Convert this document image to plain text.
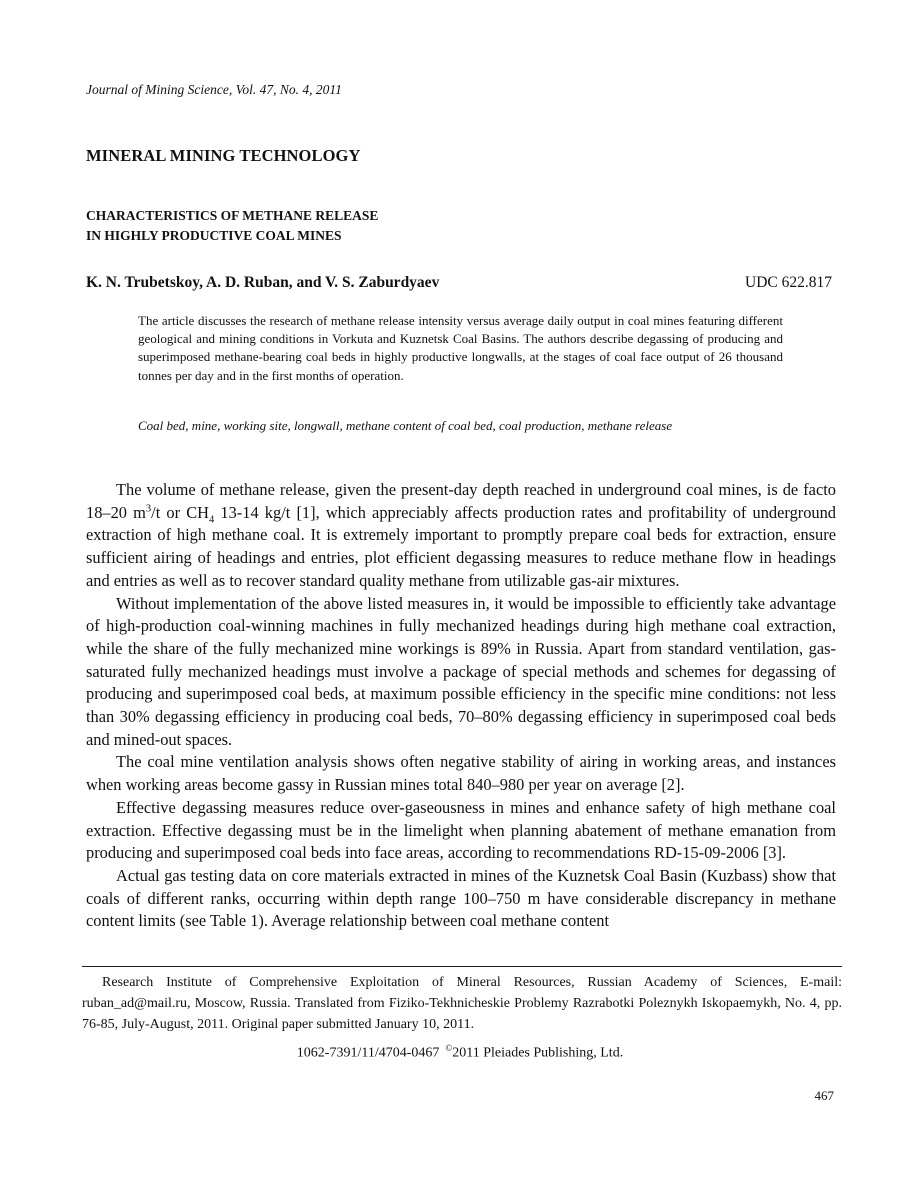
Journal of Mining Science, Vol. 47, No. 4, 2011
MINERAL MINING TECHNOLOGY
CHARACTERISTICS OF METHANE RELEASE
IN HIGHLY PRODUCTIVE COAL MINES
K. N. Trubetskoy, A. D. Ruban, and V. S. Zaburdyaev	UDC 622.817
The article discusses the research of methane release intensity versus average daily output in coal mines featuring different geological and mining conditions in Vorkuta and Kuznetsk Coal Basins. The authors describe degassing of producing and superimposed methane-bearing coal beds in highly productive longwalls, at the stages of coal face output of 26 thousand tonnes per day and in the first months of operation.
Coal bed, mine, working site, longwall, methane content of coal bed, coal production, methane release

The volume of methane release, given the present-day depth reached in underground coal mines, is de facto 18–20 $m^3/t$ or $CH_4$ 13-14 kg/t [1], which appreciably affects production rates and profitability of underground extraction of high methane coal. It is extremely important to promptly prepare coal beds for extraction, ensure sufficient airing of headings and entries, plot efficient degassing measures to reduce methane flow in headings and entries as well as to recover standard quality methane from utilizable gas-air mixtures.

Without implementation of the above listed measures in, it would be impossible to efficiently take advantage of high-production coal-winning machines in fully mechanized headings during high methane coal extraction, while the share of the fully mechanized mine workings is 89% in Russia. Apart from standard ventilation, gas-saturated fully mechanized headings must involve a package of special methods and schemes for degassing of producing and superimposed coal beds, at maximum possible efficiency in the specific mine conditions: not less than 30% degassing efficiency in producing coal beds, 70–80% degassing efficiency in superimposed coal beds and mined-out spaces.

The coal mine ventilation analysis shows often negative stability of airing in working areas, and instances when working areas become gassy in Russian mines total 840–980 per year on average [2].

Effective degassing measures reduce over-gaseousness in mines and enhance safety of high methane coal extraction. Effective degassing must be in the limelight when planning abatement of methane emanation from producing and superimposed coal beds into face areas, according to recommendations RD-15-09-2006 [3].

Actual gas testing data on core materials extracted in mines of the Kuznetsk Coal Basin (Kuzbass) show that coals of different ranks, occurring within depth range 100–750 m have considerable discrepancy in methane content limits (see Table 1). Average relationship between coal methane content

Research Institute of Comprehensive Exploitation of Mineral Resources, Russian Academy of Sciences, E-mail: ruban_ad@mail.ru, Moscow, Russia. Translated from Fiziko-Tekhnicheskie Problemy Razrabotki Poleznykh Iskopaemykh, No. 4, pp. 76-85, July-August, 2011. Original paper submitted January 10, 2011.
1062-7391/11/4704-0467 ©2011 Pleiades Publishing, Ltd.
467
